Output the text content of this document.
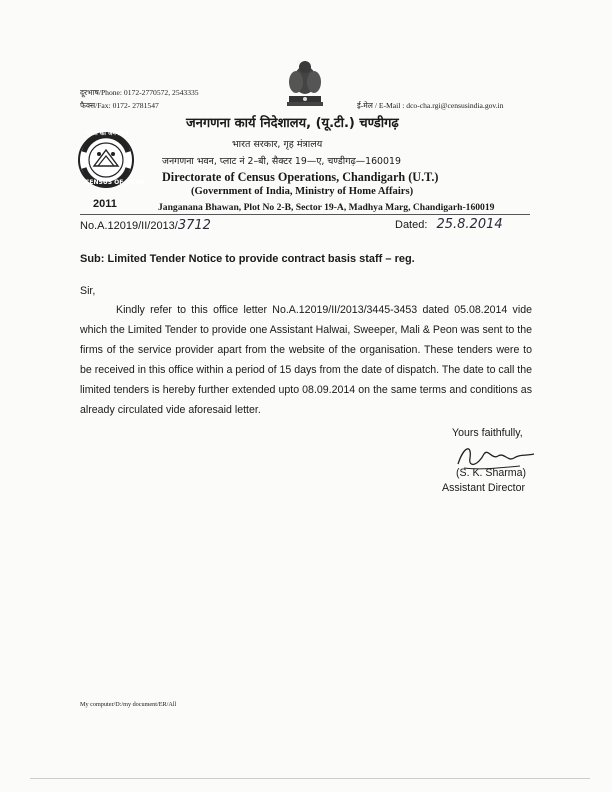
दूरभाष/Phone: 0172-2770572, 2543335
फैक्स/Fax: 0172- 2781547	ई-मेल / E-Mail : dco-cha.rgi@censusindia.gov.in
जनगणना कार्य निदेशालय, (यू.टी.) चण्डीगढ़
भारत की जनगणना
CENSUS OF INDIA
2011
भारत सरकार, गृह मंत्रालय
जनगणना भवन, प्लाट नं 2–बी, सैक्टर 19—ए, चण्डीगढ़—160019
Directorate of Census Operations, Chandigarh (U.T.)
(Government of India, Ministry of Home Affairs)
Janganana Bhawan, Plot No 2-B, Sector 19-A, Madhya Marg, Chandigarh-160019
No.A.12019/II/2013/3712	Dated: 25.8.2014
Sub: Limited Tender Notice to provide contract basis staff – reg.
Sir,
Kindly refer to this office letter No.A.12019/II/2013/3445-3453 dated 05.08.2014 vide which the Limited Tender to provide one Assistant Halwai, Sweeper, Mali & Peon was sent to the firms of the service provider apart from the website of the organisation. These tenders were to be received in this office within a period of 15 days from the date of dispatch. The date to call the limited tenders is hereby further extended upto 08.09.2014 on the same terms and conditions as already circulated vide aforesaid letter.
Yours faithfully,
(S. K. Sharma)
Assistant Director
My computer/D:/my document/ER/All
